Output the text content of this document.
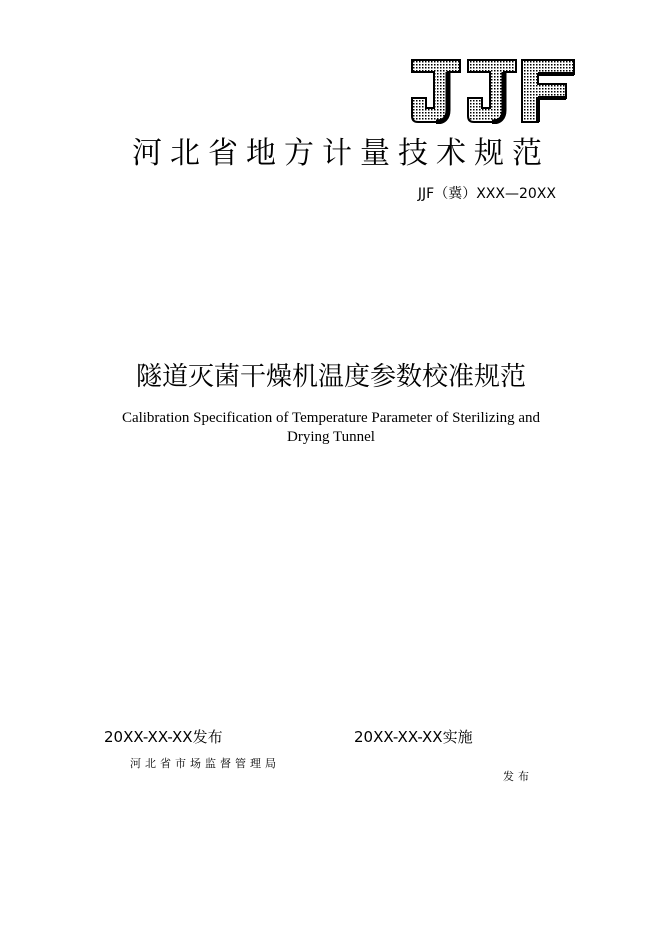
河北省地方计量技术规范
JJF（冀）XXX—20XX
隧道灭菌干燥机温度参数校准规范
Calibration Specification of Temperature Parameter of Sterilizing and Drying Tunnel
20XX-XX-XX发布	20XX-XX-XX实施
河北省市场监督管理局
发布
